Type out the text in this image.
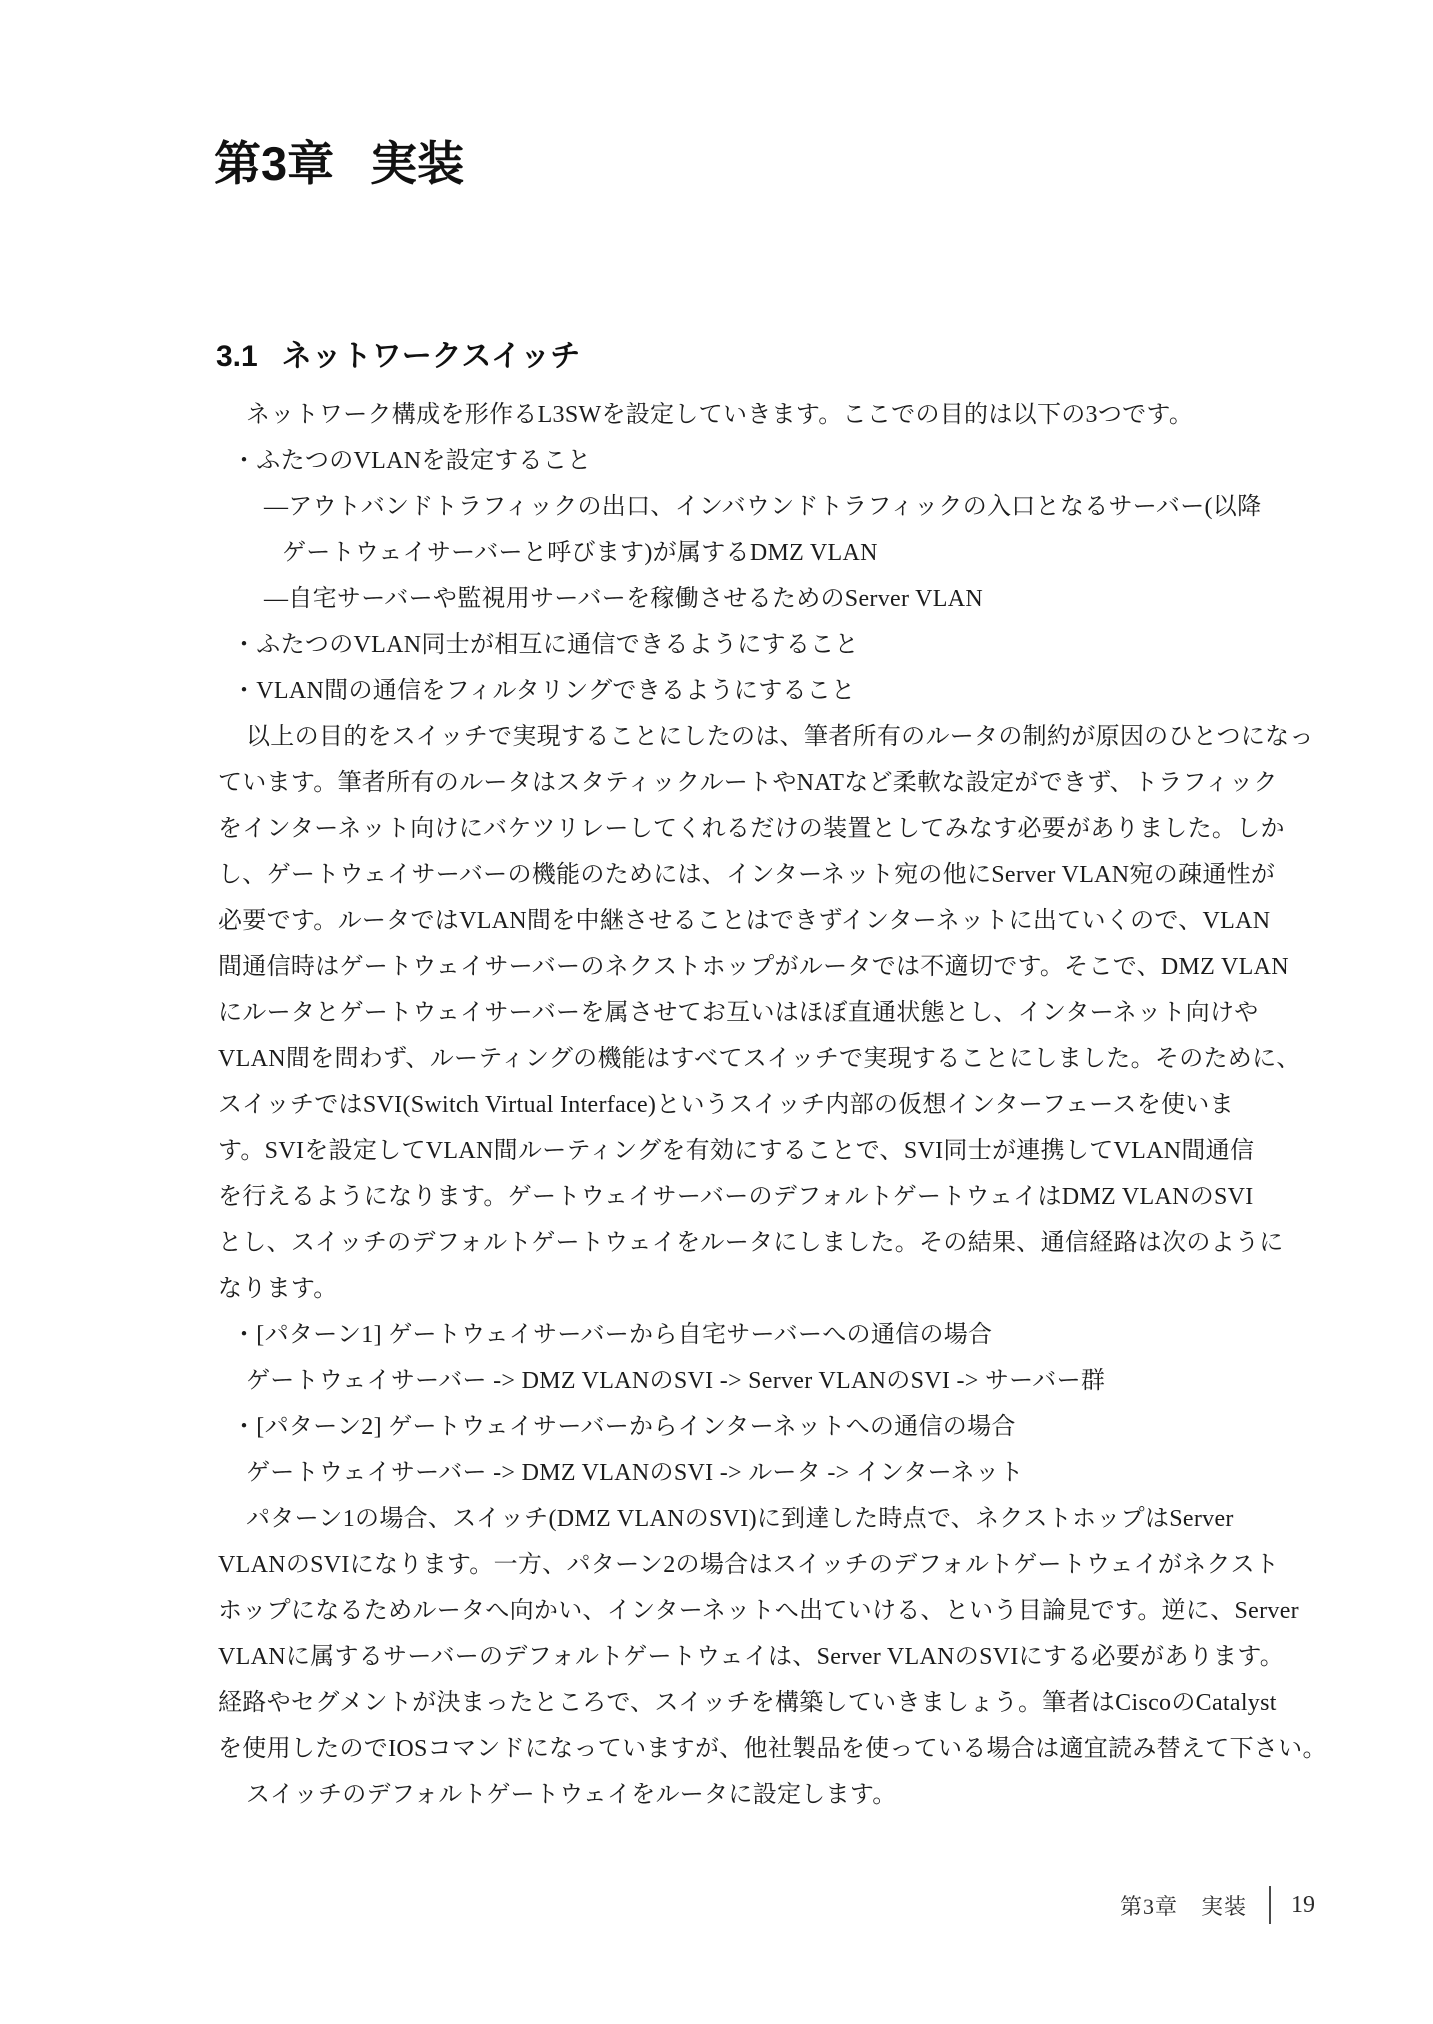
第3章 実装
3.1 ネットワークスイッチ
ネットワーク構成を形作るL3SWを設定していきます。ここでの目的は以下の3つです。
・ふたつのVLANを設定すること
―アウトバンドトラフィックの出口、インバウンドトラフィックの入口となるサーバー(以降
ゲートウェイサーバーと呼びます)が属するDMZ VLAN
―自宅サーバーや監視用サーバーを稼働させるためのServer VLAN
・ふたつのVLAN同士が相互に通信できるようにすること
・VLAN間の通信をフィルタリングできるようにすること
以上の目的をスイッチで実現することにしたのは、筆者所有のルータの制約が原因のひとつになっ
ています。筆者所有のルータはスタティックルートやNATなど柔軟な設定ができず、トラフィック
をインターネット向けにバケツリレーしてくれるだけの装置としてみなす必要がありました。しか
し、ゲートウェイサーバーの機能のためには、インターネット宛の他にServer VLAN宛の疎通性が
必要です。ルータではVLAN間を中継させることはできずインターネットに出ていくので、VLAN
間通信時はゲートウェイサーバーのネクストホップがルータでは不適切です。そこで、DMZ VLAN
にルータとゲートウェイサーバーを属させてお互いはほぼ直通状態とし、インターネット向けや
VLAN間を問わず、ルーティングの機能はすべてスイッチで実現することにしました。そのために、
スイッチではSVI(Switch Virtual Interface)というスイッチ内部の仮想インターフェースを使いま
す。SVIを設定してVLAN間ルーティングを有効にすることで、SVI同士が連携してVLAN間通信
を行えるようになります。ゲートウェイサーバーのデフォルトゲートウェイはDMZ VLANのSVI
とし、スイッチのデフォルトゲートウェイをルータにしました。その結果、通信経路は次のように
なります。
・[パターン1] ゲートウェイサーバーから自宅サーバーへの通信の場合
ゲートウェイサーバー -> DMZ VLANのSVI -> Server VLANのSVI -> サーバー群
・[パターン2] ゲートウェイサーバーからインターネットへの通信の場合
ゲートウェイサーバー -> DMZ VLANのSVI -> ルータ -> インターネット
パターン1の場合、スイッチ(DMZ VLANのSVI)に到達した時点で、ネクストホップはServer
VLANのSVIになります。一方、パターン2の場合はスイッチのデフォルトゲートウェイがネクスト
ホップになるためルータへ向かい、インターネットへ出ていける、という目論見です。逆に、Server
VLANに属するサーバーのデフォルトゲートウェイは、Server VLANのSVIにする必要があります。
経路やセグメントが決まったところで、スイッチを構築していきましょう。筆者はCiscoのCatalyst
を使用したのでIOSコマンドになっていますが、他社製品を使っている場合は適宜読み替えて下さい。
スイッチのデフォルトゲートウェイをルータに設定します。
第3章　実装 19
